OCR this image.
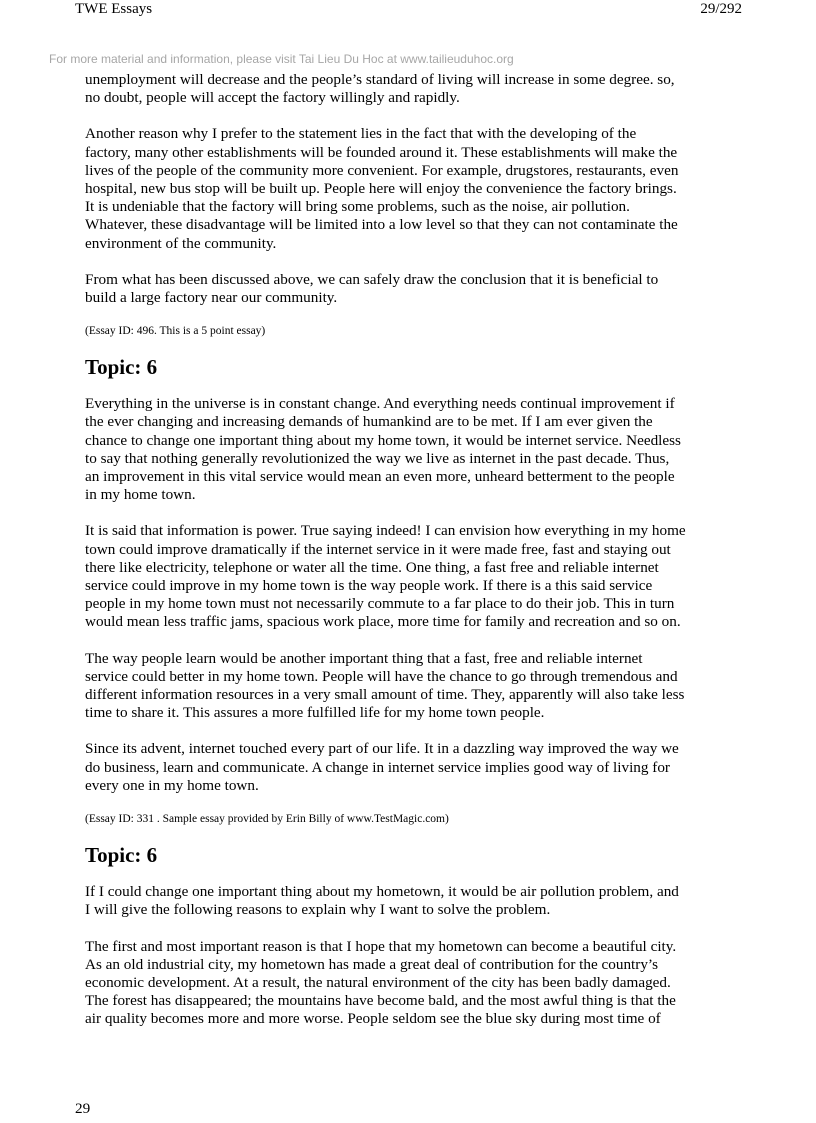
TWE Essays	29/292
For more material and information, please visit Tai Lieu Du Hoc at www.tailieuduhoc.org
unemployment will decrease and the people’s standard of living will increase in some degree. so,
no doubt, people will accept the factory willingly and rapidly.
Another reason why I prefer to the statement lies in the fact that with the developing of the
factory, many other establishments will be founded around it. These establishments will make the
lives of the people of the community more convenient. For example, drugstores, restaurants, even
hospital, new bus stop will be built up. People here will enjoy the convenience the factory brings.
It is undeniable that the factory will bring some problems, such as the noise, air pollution.
Whatever, these disadvantage will be limited into a low level so that they can not contaminate the
environment of the community.
From what has been discussed above, we can safely draw the conclusion that it is beneficial to
build a large factory near our community.
(Essay ID: 496. This is a 5 point essay)
Topic: 6
Everything in the universe is in constant change. And everything needs continual improvement if
the ever changing and increasing demands of humankind are to be met. If I am ever given the
chance to change one important thing about my home town, it would be internet service. Needless
to say that nothing generally revolutionized the way we live as internet in the past decade. Thus,
an improvement in this vital service would mean an even more, unheard betterment to the people
in my home town.
It is said that information is power. True saying indeed! I can envision how everything in my home
town could improve dramatically if the internet service in it were made free, fast and staying out
there like electricity, telephone or water all the time. One thing, a fast free and reliable internet
service could improve in my home town is the way people work. If there is a this said service
people in my home town must not necessarily commute to a far place to do their job. This in turn
would mean less traffic jams, spacious work place, more time for family and recreation and so on.
The way people learn would be another important thing that a fast, free and reliable internet
service could better in my home town. People will have the chance to go through tremendous and
different information resources in a very small amount of time. They, apparently will also take less
time to share it. This assures a more fulfilled life for my home town people.
Since its advent, internet touched every part of our life. It in a dazzling way improved the way we
do business, learn and communicate. A change in internet service implies good way of living for
every one in my home town.
(Essay ID: 331 . Sample essay provided by Erin Billy of www.TestMagic.com)
Topic: 6
If I could change one important thing about my hometown, it would be air pollution problem, and
I will give the following reasons to explain why I want to solve the problem.
The first and most important reason is that I hope that my hometown can become a beautiful city.
As an old industrial city, my hometown has made a great deal of contribution for the country’s
economic development. At a result, the natural environment of the city has been badly damaged.
The forest has disappeared; the mountains have become bald, and the most awful thing is that the
air quality becomes more and more worse. People seldom see the blue sky during most time of
29
